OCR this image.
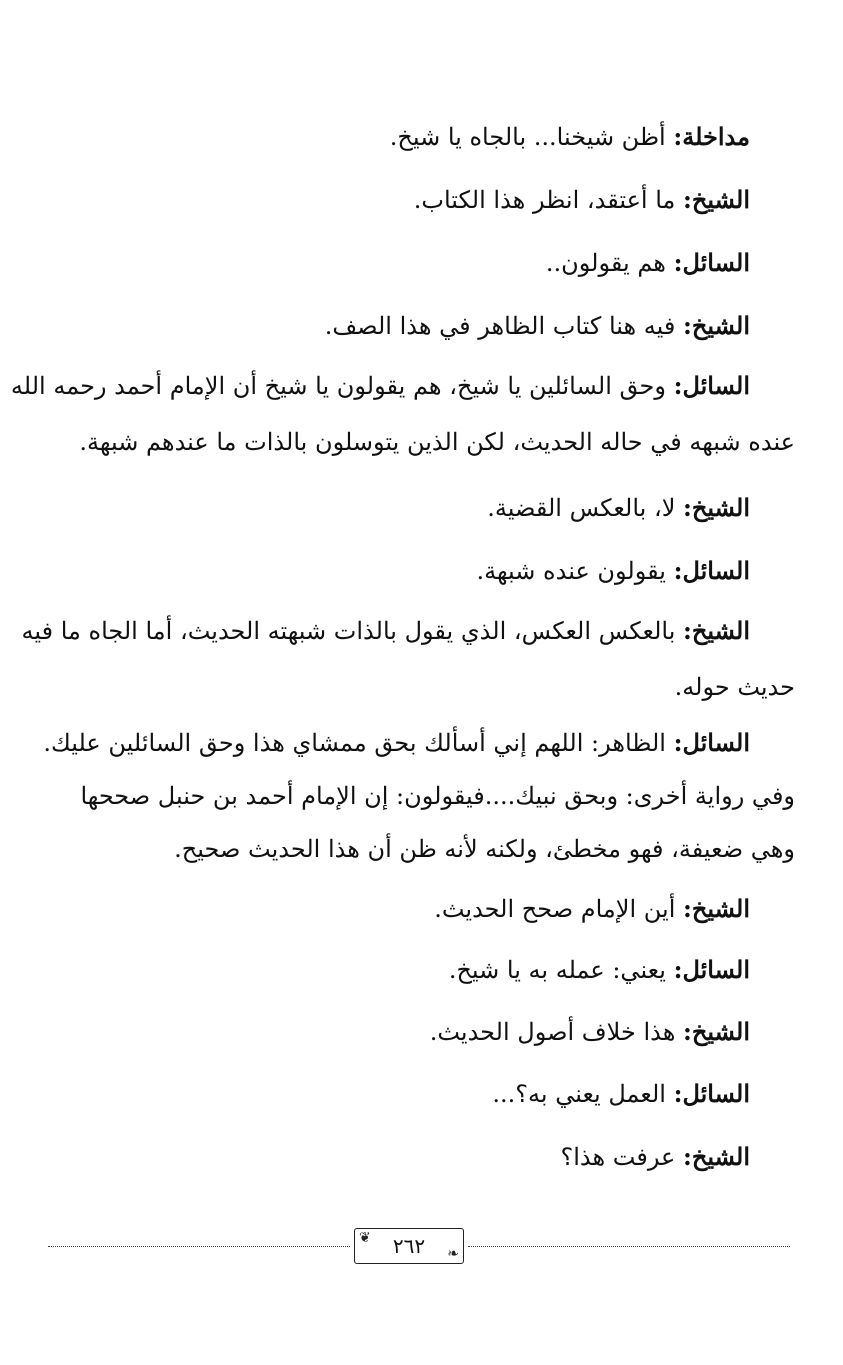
مداخلة: أظن شيخنا... بالجاه يا شيخ.
الشيخ: ما أعتقد، انظر هذا الكتاب.
السائل: هم يقولون..
الشيخ: فيه هنا كتاب الظاهر في هذا الصف.
السائل: وحق السائلين يا شيخ، هم يقولون يا شيخ أن الإمام أحمد رحمه الله
عنده شبهه في حاله الحديث، لكن الذين يتوسلون بالذات ما عندهم شبهة.
الشيخ: لا، بالعكس القضية.
السائل: يقولون عنده شبهة.
الشيخ: بالعكس العكس، الذي يقول بالذات شبهته الحديث، أما الجاه ما فيه
حديث حوله.
السائل: الظاهر: اللهم إني أسألك بحق ممشاي هذا وحق السائلين عليك.
وفي رواية أخرى: وبحق نبيك....فيقولون: إن الإمام أحمد بن حنبل صححها
وهي ضعيفة، فهو مخطئ، ولكنه لأنه ظن أن هذا الحديث صحيح.
الشيخ: أين الإمام صحح الحديث.
السائل: يعني: عمله به يا شيخ.
الشيخ: هذا خلاف أصول الحديث.
السائل: العمل يعني به؟...
الشيخ: عرفت هذا؟
❦	٢٦٢	❧
